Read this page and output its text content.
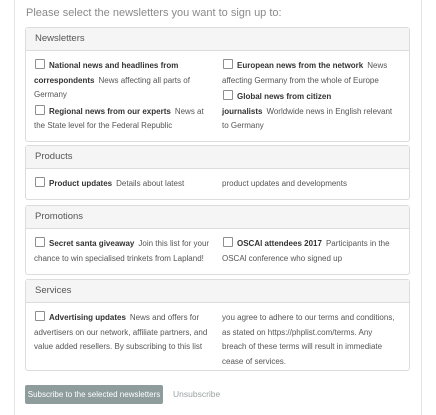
Please select the newsletters you want to sign up to:
Newsletters
National news and headlines from correspondents News affecting all parts of Germany
Regional news from our experts News at the State level for the Federal Republic
European news from the network News affecting Germany from the whole of Europe
Global news from citizen journalists Worldwide news in English relevant to Germany
Products
Product updates Details about latest	product updates and developments
Promotions
Secret santa giveaway Join this list for your chance to win specialised trinkets from Lapland!
OSCAl attendees 2017 Participants in the OSCAl conference who signed up
Services
Advertising updates News and offers for advertisers on our network, affiliate partners, and value added resellers. By subscribing to this list
you agree to adhere to our terms and conditions, as stated on https://phplist.com/terms. Any breach of these terms will result in immediate cease of services.
Subscribe to the selected newsletters	Unsubscribe
